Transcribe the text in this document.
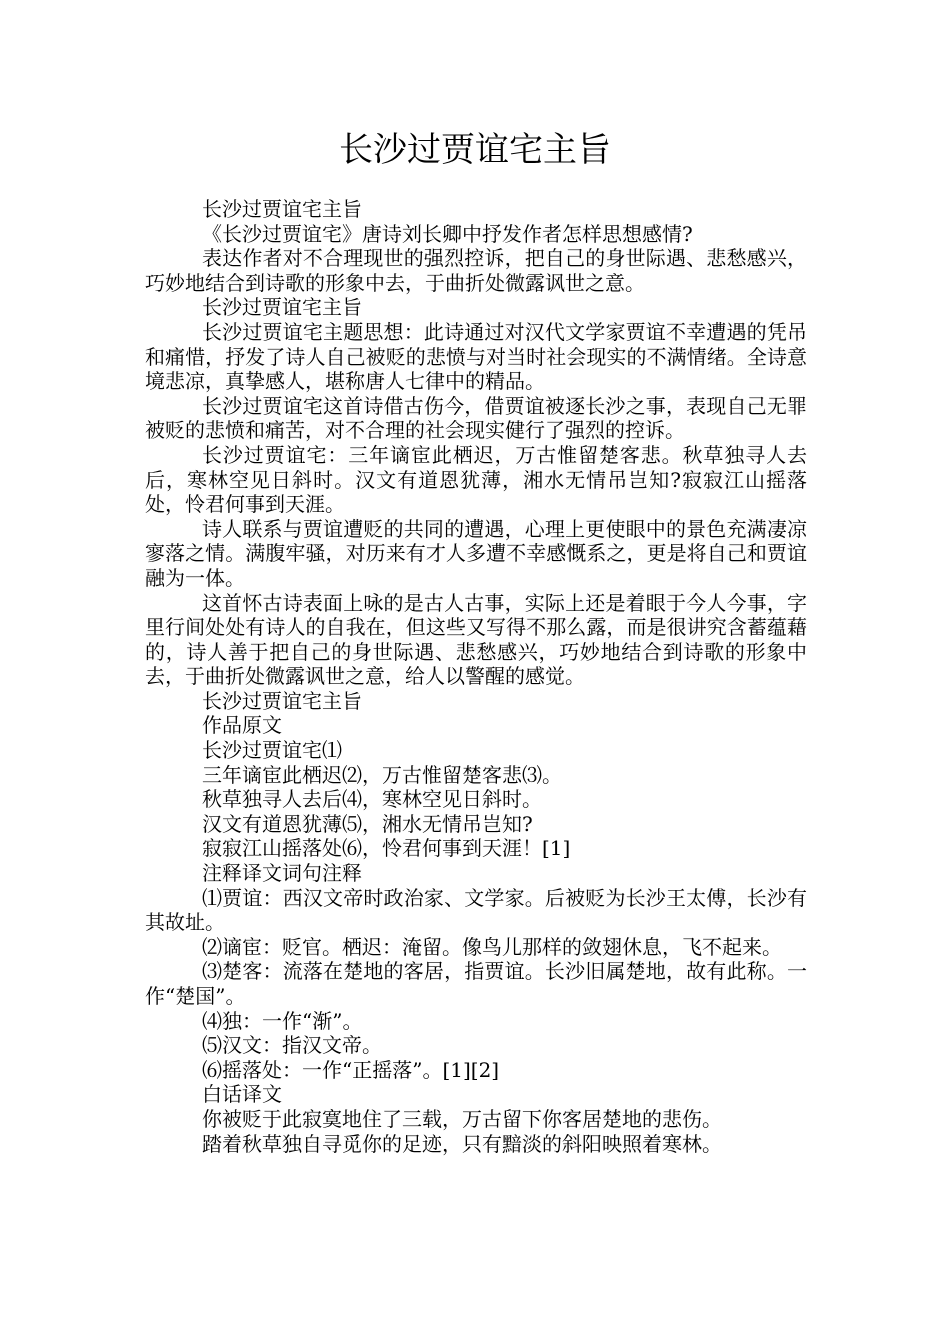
长沙过贾谊宅主旨

长沙过贾谊宅主旨

《长沙过贾谊宅》唐诗刘长卿中抒发作者怎样思想感情?

表达作者对不合理现世的强烈控诉，把自己的身世际遇、悲愁感兴，巧妙地结合到诗歌的形象中去，于曲折处微露讽世之意。

长沙过贾谊宅主旨

长沙过贾谊宅主题思想：此诗通过对汉代文学家贾谊不幸遭遇的凭吊和痛惜，抒发了诗人自己被贬的悲愤与对当时社会现实的不满情绪。全诗意境悲凉，真挚感人，堪称唐人七律中的精品。

长沙过贾谊宅这首诗借古伤今，借贾谊被逐长沙之事，表现自己无罪被贬的悲愤和痛苦，对不合理的社会现实健行了强烈的控诉。

长沙过贾谊宅：三年谪宦此栖迟，万古惟留楚客悲。秋草独寻人去后，寒林空见日斜时。汉文有道恩犹薄，湘水无情吊岂知?寂寂江山摇落处，怜君何事到天涯。

诗人联系与贾谊遭贬的共同的遭遇，心理上更使眼中的景色充满凄凉寥落之情。满腹牢骚，对历来有才人多遭不幸感慨系之，更是将自己和贾谊融为一体。

这首怀古诗表面上咏的是古人古事，实际上还是着眼于今人今事，字里行间处处有诗人的自我在，但这些又写得不那么露，而是很讲究含蓄蕴藉的，诗人善于把自己的身世际遇、悲愁感兴，巧妙地结合到诗歌的形象中去，于曲折处微露讽世之意，给人以警醒的感觉。

长沙过贾谊宅主旨

作品原文

长沙过贾谊宅⑴

三年谪宦此栖迟⑵，万古惟留楚客悲⑶。

秋草独寻人去后⑷，寒林空见日斜时。

汉文有道恩犹薄⑸，湘水无情吊岂知?

寂寂江山摇落处⑹，怜君何事到天涯！[1]

注释译文词句注释

⑴贾谊：西汉文帝时政治家、文学家。后被贬为长沙王太傅，长沙有其故址。

⑵谪宦：贬官。栖迟：淹留。像鸟儿那样的敛翅休息，飞不起来。

⑶楚客：流落在楚地的客居，指贾谊。长沙旧属楚地，故有此称。一作“楚国”。

⑷独：一作“渐”。

⑸汉文：指汉文帝。

⑹摇落处：一作“正摇落”。[1][2]

白话译文

你被贬于此寂寞地住了三载，万古留下你客居楚地的悲伤。

踏着秋草独自寻觅你的足迹，只有黯淡的斜阳映照着寒林。
